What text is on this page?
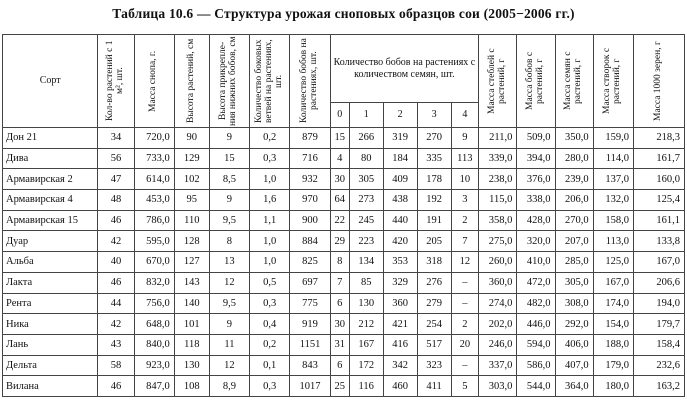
Таблица 10.6 — Структура урожая сноповых образцов сои (2005−2006 гг.)
Сорт	Кол-во растений с 1 м², шт.	Масса снопа, г.	Высота растений, см	Высота прикрепле-ния нижних бобов, см	Количество боковых ветвей на растениях, шт.	Количество бобов на растениях, шт.	Количество бобов на растениях с количеством семян, шт.					Масса стеблей с растений, г	Масса бобов с растений, г	Масса семян с растений, г	Масса створок с растений, г	Масса 1000 зерен, г

							0	1	2	3	4					
Дон 21	34	720,0	90	9	0,2	879	15	266	319	270	9	211,0	509,0	350,0	159,0	218,3
Дива	56	733,0	129	15	0,3	716	4	80	184	335	113	339,0	394,0	280,0	114,0	161,7
Армавирская 2	47	614,0	102	8,5	1,0	932	30	305	409	178	10	238,0	376,0	239,0	137,0	160,0
Армавирская 4	48	453,0	95	9	1,6	970	64	273	438	192	3	115,0	338,0	206,0	132,0	125,4
Армавирская 15	46	786,0	110	9,5	1,1	900	22	245	440	191	2	358,0	428,0	270,0	158,0	161,1
Дуар	42	595,0	128	8	1,0	884	29	223	420	205	7	275,0	320,0	207,0	113,0	133,8
Альба	40	670,0	127	13	1,0	825	8	134	353	318	12	260,0	410,0	285,0	125,0	167,0
Лакта	46	832,0	143	12	0,5	697	7	85	329	276	–	360,0	472,0	305,0	167,0	206,6
Рента	44	756,0	140	9,5	0,3	775	6	130	360	279	–	274,0	482,0	308,0	174,0	194,0
Ника	42	648,0	101	9	0,4	919	30	212	421	254	2	202,0	446,0	292,0	154,0	179,7
Лань	43	840,0	118	11	0,2	1151	31	167	416	517	20	246,0	594,0	406,0	188,0	158,4
Дельта	58	923,0	130	12	0,1	843	6	172	342	323	–	337,0	586,0	407,0	179,0	232,6
Вилана	46	847,0	108	8,9	0,3	1017	25	116	460	411	5	303,0	544,0	364,0	180,0	163,2
